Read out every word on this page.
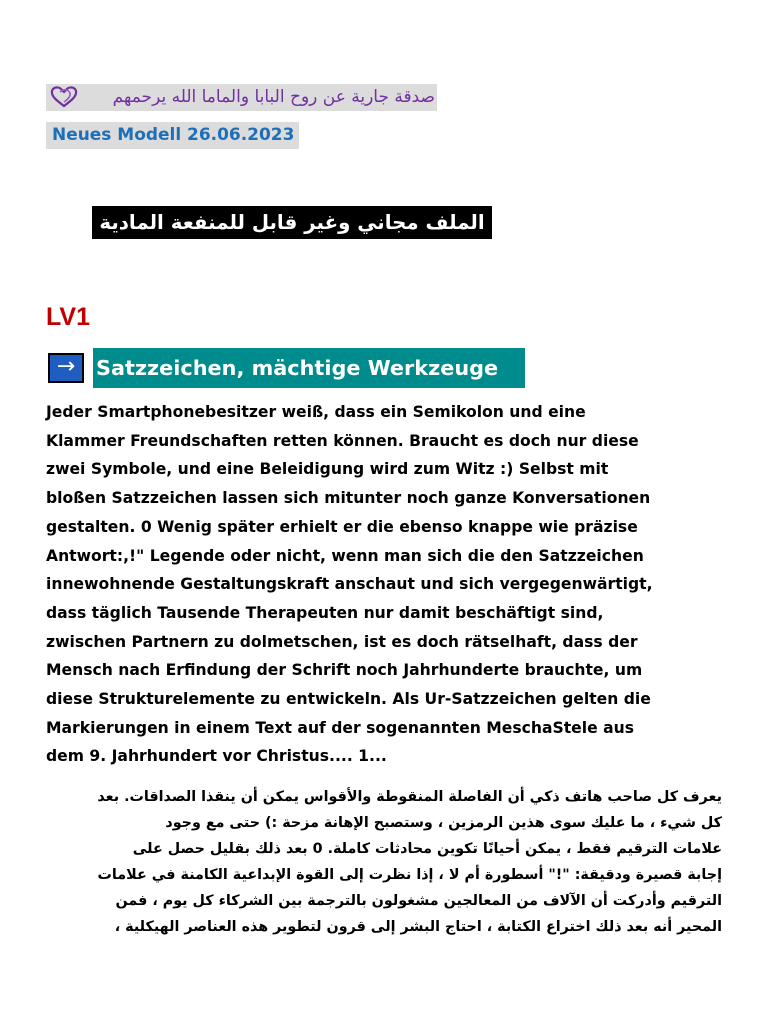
صدقة جارية عن روح البابا والماما الله يرحمهم
Neues Modell 26.06.2023
الملف مجاني وغير قابل للمنفعة المادية
LV1
→ Satzzeichen, mächtige Werkzeuge
Jeder Smartphonebesitzer weiß, dass ein Semikolon und eine
Klammer Freundschaften retten können. Braucht es doch nur diese
zwei Symbole, und eine Beleidigung wird zum Witz :) Selbst mit
bloßen Satzzeichen lassen sich mitunter noch ganze Konversationen
gestalten. 0 Wenig später erhielt er die ebenso knappe wie präzise
Antwort:,!" Legende oder nicht, wenn man sich die den Satzzeichen
innewohnende Gestaltungskraft anschaut und sich vergegenwärtigt,
dass täglich Tausende Therapeuten nur damit beschäftigt sind,
zwischen Partnern zu dolmetschen, ist es doch rätselhaft, dass der
Mensch nach Erfindung der Schrift noch Jahrhunderte brauchte, um
diese Strukturelemente zu entwickeln. Als Ur-Satzzeichen gelten die
Markierungen in einem Text auf der sogenannten MeschaStele aus
dem 9. Jahrhundert vor Christus.... 1...
يعرف كل صاحب هاتف ذكي أن الفاصلة المنقوطة والأقواس يمكن أن ينقذا الصداقات. بعد
كل شيء ، ما عليك سوى هذين الرمزين ، وستصبح الإهانة مزحة :) حتى مع وجود
علامات الترقيم فقط ، يمكن أحيانًا تكوين محادثات كاملة. 0 بعد ذلك بقليل حصل على
إجابة قصيرة ودقيقة: "!" أسطورة أم لا ، إذا نظرت إلى القوة الإبداعية الكامنة في علامات
الترقيم وأدركت أن الآلاف من المعالجين مشغولون بالترجمة بين الشركاء كل يوم ، فمن
المحير أنه بعد ذلك اختراع الكتابة ، احتاج البشر إلى قرون لتطوير هذه العناصر الهيكلية ،
